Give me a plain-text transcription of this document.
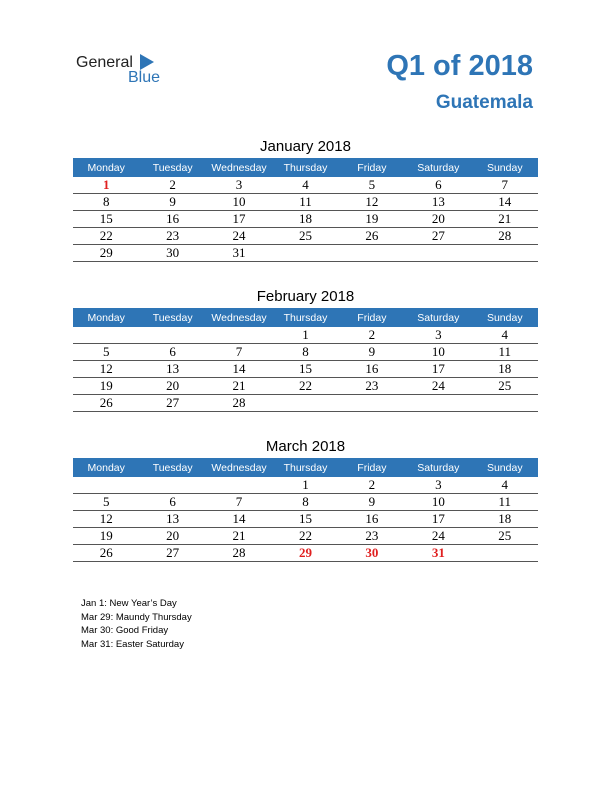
General
Blue	Q1 of 2018
Guatemala
January 2018
Monday	Tuesday	Wednesday	Thursday	Friday	Saturday	Sunday
1	2	3	4	5	6	7
8	9	10	11	12	13	14
15	16	17	18	19	20	21
22	23	24	25	26	27	28
29	30	31				
February 2018
Monday	Tuesday	Wednesday	Thursday	Friday	Saturday	Sunday
			1	2	3	4
5	6	7	8	9	10	11
12	13	14	15	16	17	18
19	20	21	22	23	24	25
26	27	28				
March 2018
Monday	Tuesday	Wednesday	Thursday	Friday	Saturday	Sunday
			1	2	3	4
5	6	7	8	9	10	11
12	13	14	15	16	17	18
19	20	21	22	23	24	25
26	27	28	29	30	31	
Jan 1: New Year’s Day
Mar 29: Maundy Thursday
Mar 30: Good Friday
Mar 31: Easter Saturday
